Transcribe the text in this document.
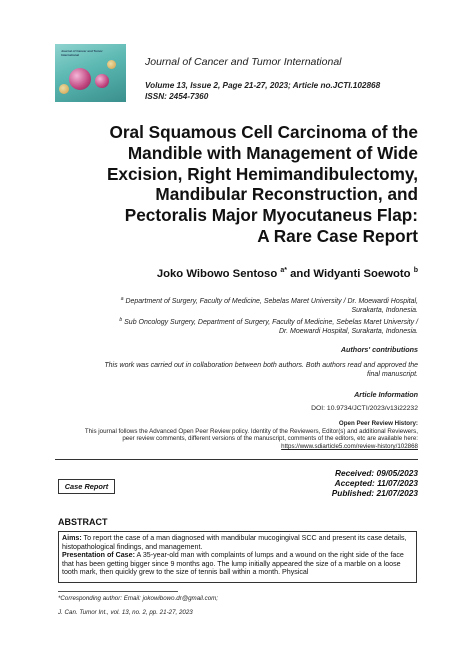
Journal of Cancer and Tumor International
Journal of Cancer and Tumor International
Volume 13, Issue 2, Page 21-27, 2023; Article no.JCTI.102868
ISSN: 2454-7360
Oral Squamous Cell Carcinoma of the
Mandible with Management of Wide
Excision, Right Hemimandibulectomy,
Mandibular Reconstruction, and
Pectoralis Major Myocutaneus Flap:
A Rare Case Report
Joko Wibowo Sentoso $^{a*}$ and Widyanti Soewoto $^b$
$^a$ Department of Surgery, Faculty of Medicine, Sebelas Maret University / Dr. Moewardi Hospital,
Surakarta, Indonesia.
$^b$ Sub Oncology Surgery, Department of Surgery, Faculty of Medicine, Sebelas Maret University /
Dr. Moewardi Hospital, Surakarta, Indonesia.
Authors' contributions
This work was carried out in collaboration between both authors. Both authors read and approved the
final manuscript.
Article Information
DOI: 10.9734/JCTI/2023/v13i22232
Open Peer Review History:
This journal follows the Advanced Open Peer Review policy. Identity of the Reviewers, Editor(s) and additional Reviewers,
peer review comments, different versions of the manuscript, comments of the editors, etc are available here:
https://www.sdiarticle5.com/review-history/102868
Received: 09/05/2023
Accepted: 11/07/2023
Published: 21/07/2023
Case Report
ABSTRACT

Aims: To report the case of a man diagnosed with mandibular mucogingival SCC and present its case details, histopathological findings, and management.

Presentation of Case: A 35-year-old man with complaints of lumps and a wound on the right side of the face that has been getting bigger since 9 months ago. The lump initially appeared the size of a marble on a loose tooth mark, then quickly grew to the size of tennis ball within a month. Physical

*Corresponding author: Email: jokowibowo.dr@gmail.com;
J. Can. Tumor Int., vol. 13, no. 2, pp. 21-27, 2023
